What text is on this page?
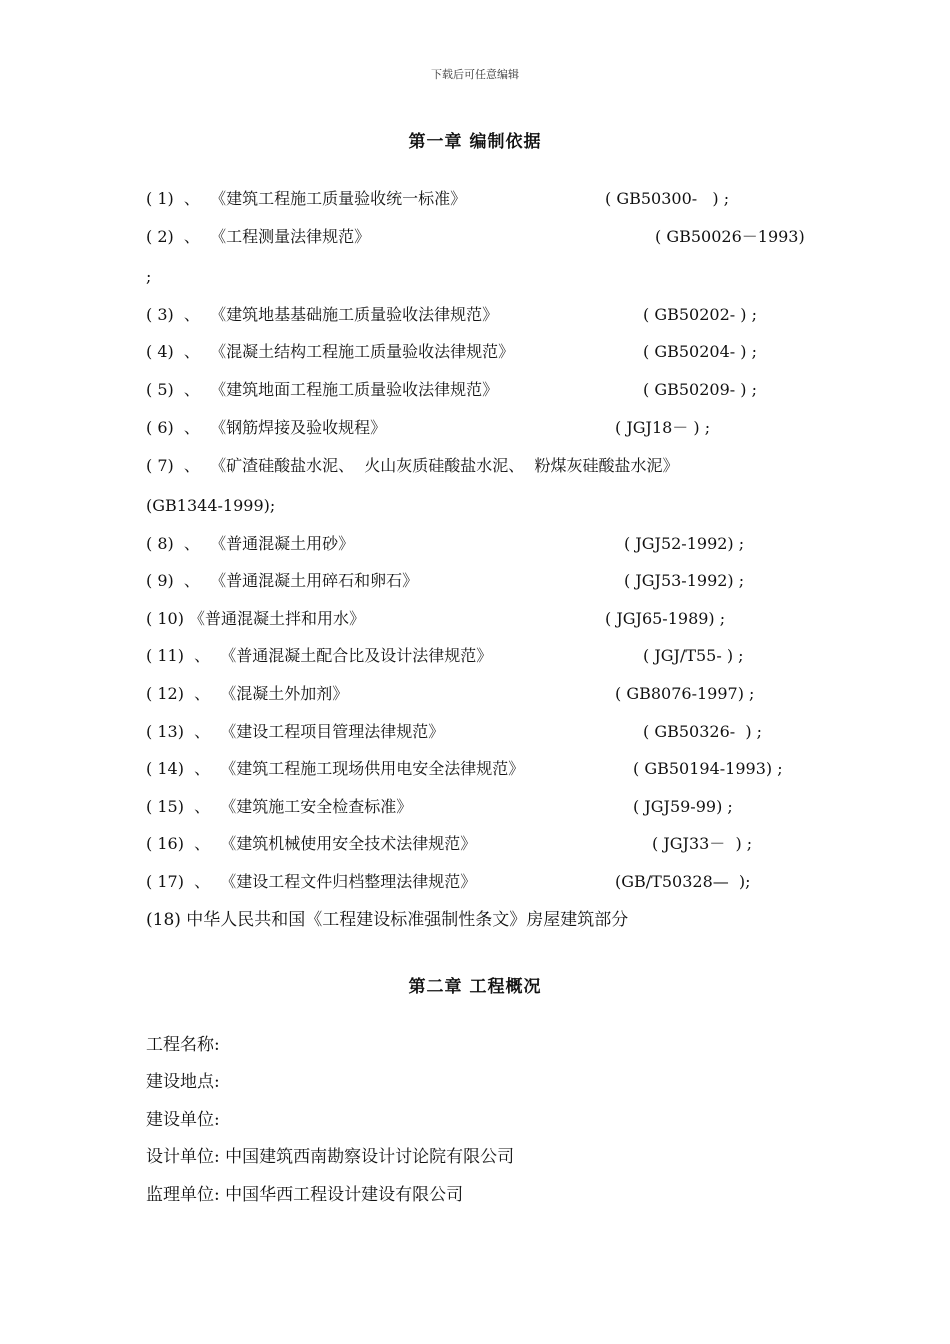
下载后可任意编辑
第一章 编制依据
( 1)  、  《建筑工程施工质量验收统一标准》	( GB50300-   ) ;
( 2)  、  《工程测量法律规范》	( GB50026－1993)
;
( 3)  、  《建筑地基基础施工质量验收法律规范》	( GB50202- ) ;
( 4)  、  《混凝土结构工程施工质量验收法律规范》	( GB50204- ) ;
( 5)  、  《建筑地面工程施工质量验收法律规范》	( GB50209- ) ;
( 6)  、  《钢筋焊接及验收规程》	( JGJ18－ ) ;
( 7)  、  《矿渣硅酸盐水泥、  火山灰质硅酸盐水泥、  粉煤灰硅酸盐水泥》
(GB1344-1999);
( 8)  、  《普通混凝土用砂》	( JGJ52-1992) ;
( 9)  、  《普通混凝土用碎石和卵石》	( JGJ53-1992) ;
( 10) 《普通混凝土拌和用水》	( JGJ65-1989) ;
( 11)  、  《普通混凝土配合比及设计法律规范》	( JGJ/T55- ) ;
( 12)  、  《混凝土外加剂》	( GB8076-1997) ;
( 13)  、  《建设工程项目管理法律规范》	( GB50326-  ) ;
( 14)  、  《建筑工程施工现场供用电安全法律规范》	( GB50194-1993) ;
( 15)  、  《建筑施工安全检查标准》	( JGJ59-99) ;
( 16)  、  《建筑机械使用安全技术法律规范》	( JGJ33－  ) ;
( 17)  、  《建设工程文件归档整理法律规范》	(GB/T50328—  );
(18) 中华人民共和国《工程建设标准强制性条文》房屋建筑部分
第二章 工程概况
工程名称:
建设地点:
建设单位:
设计单位: 中国建筑西南勘察设计讨论院有限公司
监理单位: 中国华西工程设计建设有限公司
